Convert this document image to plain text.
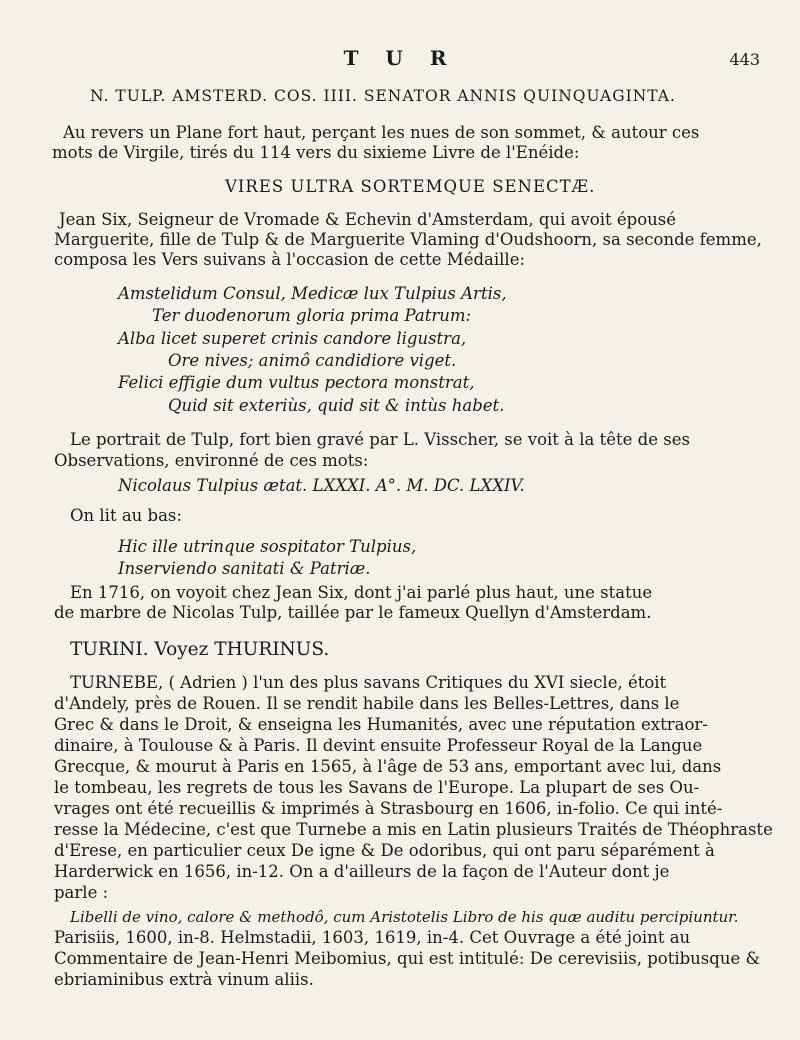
T U R	443
N. TULP. AMSTERD. COS. IIII. SENATOR ANNIS QUINQUAGINTA.
Au revers un Plane fort haut, perçant les nues de son sommet, & autour ces
mots de Virgile, tirés du 114 vers du sixieme Livre de l'Enéide:
VIRES ULTRA SORTEMQUE SENECTÆ.
Jean Six, Seigneur de Vromade & Echevin d'Amsterdam, qui avoit épousé
Marguerite, fille de Tulp & de Marguerite Vlaming d'Oudshoorn, sa seconde femme,
composa les Vers suivans à l'occasion de cette Médaille:
Amstelidum Consul, Medicæ lux Tulpius Artis,
Ter duodenorum gloria prima Patrum:
Alba licet superet crinis candore ligustra,
Ore nives; animô candidiore viget.
Felici effigie dum vultus pectora monstrat,
Quid sit exteriùs, quid sit & intùs habet.
Le portrait de Tulp, fort bien gravé par L. Visscher, se voit à la tête de ses
Observations, environné de ces mots:
Nicolaus Tulpius ætat. LXXXI. A°. M. DC. LXXIV.
On lit au bas:
Hic ille utrinque sospitator Tulpius,
Inserviendo sanitati & Patriæ.
En 1716, on voyoit chez Jean Six, dont j'ai parlé plus haut, une statue
de marbre de Nicolas Tulp, taillée par le fameux Quellyn d'Amsterdam.
TURINI. Voyez THURINUS.
TURNEBE, ( Adrien ) l'un des plus savans Critiques du XVI siecle, étoit
d'Andely, près de Rouen. Il se rendit habile dans les Belles-Lettres, dans le
Grec & dans le Droit, & enseigna les Humanités, avec une réputation extraor-
dinaire, à Toulouse & à Paris. Il devint ensuite Professeur Royal de la Langue
Grecque, & mourut à Paris en 1565, à l'âge de 53 ans, emportant avec lui, dans
le tombeau, les regrets de tous les Savans de l'Europe. La plupart de ses Ou-
vrages ont été recueillis & imprimés à Strasbourg en 1606, in-folio. Ce qui inté-
resse la Médecine, c'est que Turnebe a mis en Latin plusieurs Traités de Théophraste
d'Erese, en particulier ceux De igne & De odoribus, qui ont paru séparément à
Harderwick en 1656, in-12. On a d'ailleurs de la façon de l'Auteur dont je
parle :
Libelli de vino, calore & methodô, cum Aristotelis Libro de his quæ auditu percipiuntur.
Parisiis, 1600, in-8. Helmstadii, 1603, 1619, in-4. Cet Ouvrage a été joint au
Commentaire de Jean-Henri Meibomius, qui est intitulé: De cerevisiis, potibusque &
ebriaminibus extrà vinum aliis.
